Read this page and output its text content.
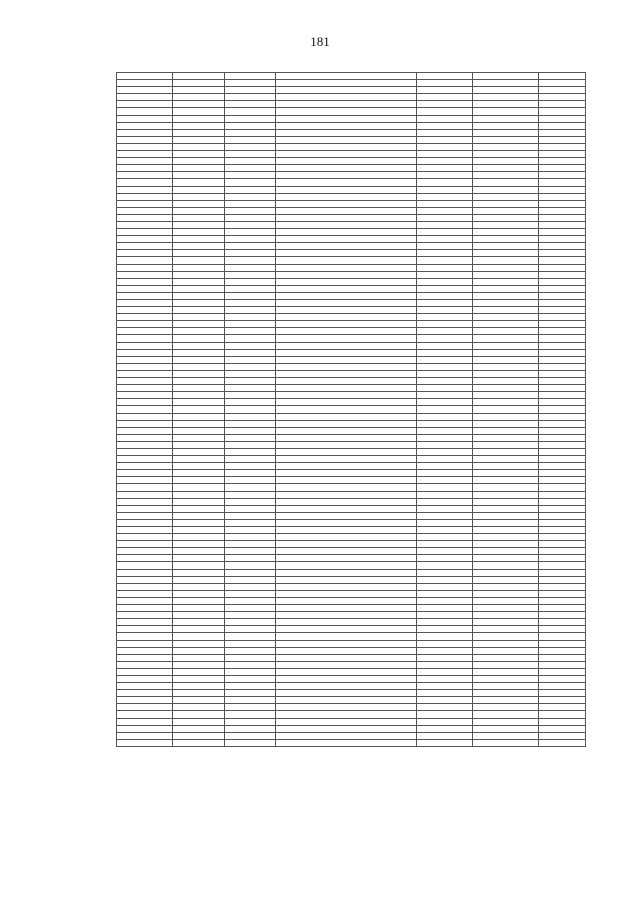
181
